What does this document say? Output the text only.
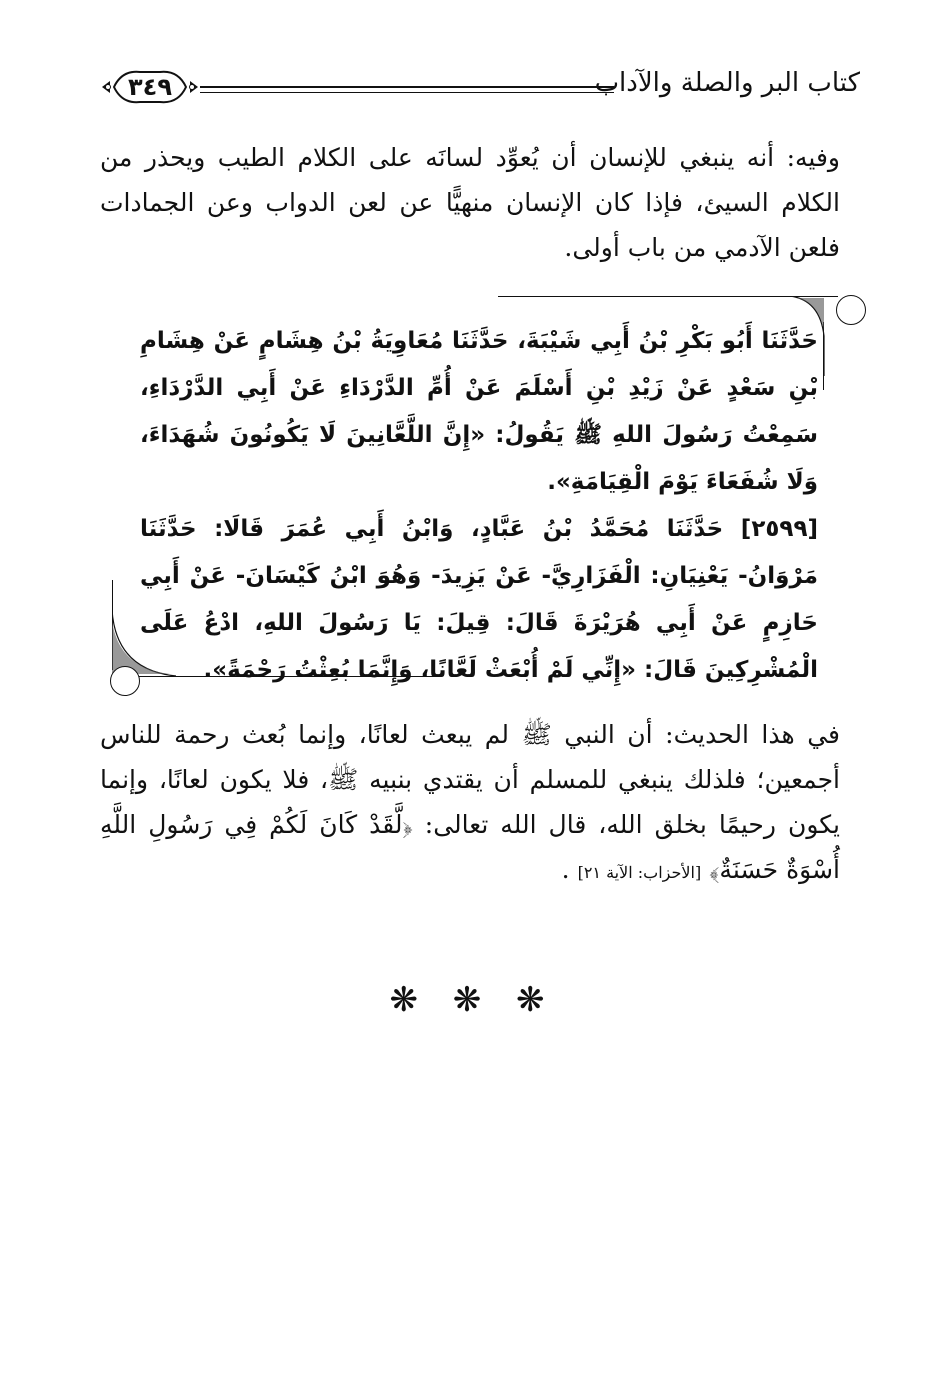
كتاب البر والصلة والآداب
٣٤٩
وفيه: أنه ينبغي للإنسان أن يُعوِّد لسانَه على الكلام الطيب ويحذر من الكلام السيئ، فإذا كان الإنسان منهيًّا عن لعن الدواب وعن الجمادات فلعن الآدمي من باب أولى.

حَدَّثَنَا أَبُو بَكْرِ بْنُ أَبِي شَيْبَةَ، حَدَّثَنَا مُعَاوِيَةُ بْنُ هِشَامٍ عَنْ هِشَامِ بْنِ سَعْدٍ عَنْ زَيْدِ بْنِ أَسْلَمَ عَنْ أُمِّ الدَّرْدَاءِ عَنْ أَبِي الدَّرْدَاءِ، سَمِعْتُ رَسُولَ اللهِ ﷺ يَقُولُ: «إِنَّ اللَّعَّانِينَ لَا يَكُونُونَ شُهَدَاءَ، وَلَا شُفَعَاءَ يَوْمَ الْقِيَامَةِ».

[٢٥٩٩] حَدَّثَنَا مُحَمَّدُ بْنُ عَبَّادٍ، وَابْنُ أَبِي عُمَرَ قَالَا: حَدَّثَنَا مَرْوَانُ- يَعْنِيَانِ: الْفَزَارِيَّ- عَنْ يَزِيدَ- وَهُوَ ابْنُ كَيْسَانَ- عَنْ أَبِي حَازِمٍ عَنْ أَبِي هُرَيْرَةَ قَالَ: قِيلَ: يَا رَسُولَ اللهِ، ادْعُ عَلَى الْمُشْرِكِينَ قَالَ: «إِنِّي لَمْ أُبْعَثْ لَعَّانًا، وَإِنَّمَا بُعِثْتُ رَحْمَةً».

في هذا الحديث: أن النبي ﷺ لم يبعث لعانًا، وإنما بُعث رحمة للناس أجمعين؛ فلذلك ينبغي للمسلم أن يقتدي بنبيه ﷺ، فلا يكون لعانًا، وإنما يكون رحيمًا بخلق الله، قال الله تعالى: ﴿لَّقَدْ كَانَ لَكُمْ فِي رَسُولِ اللَّهِ أُسْوَةٌ حَسَنَةٌ﴾ [الأحزاب: الآية ٢١] .
❋ ❋ ❋
